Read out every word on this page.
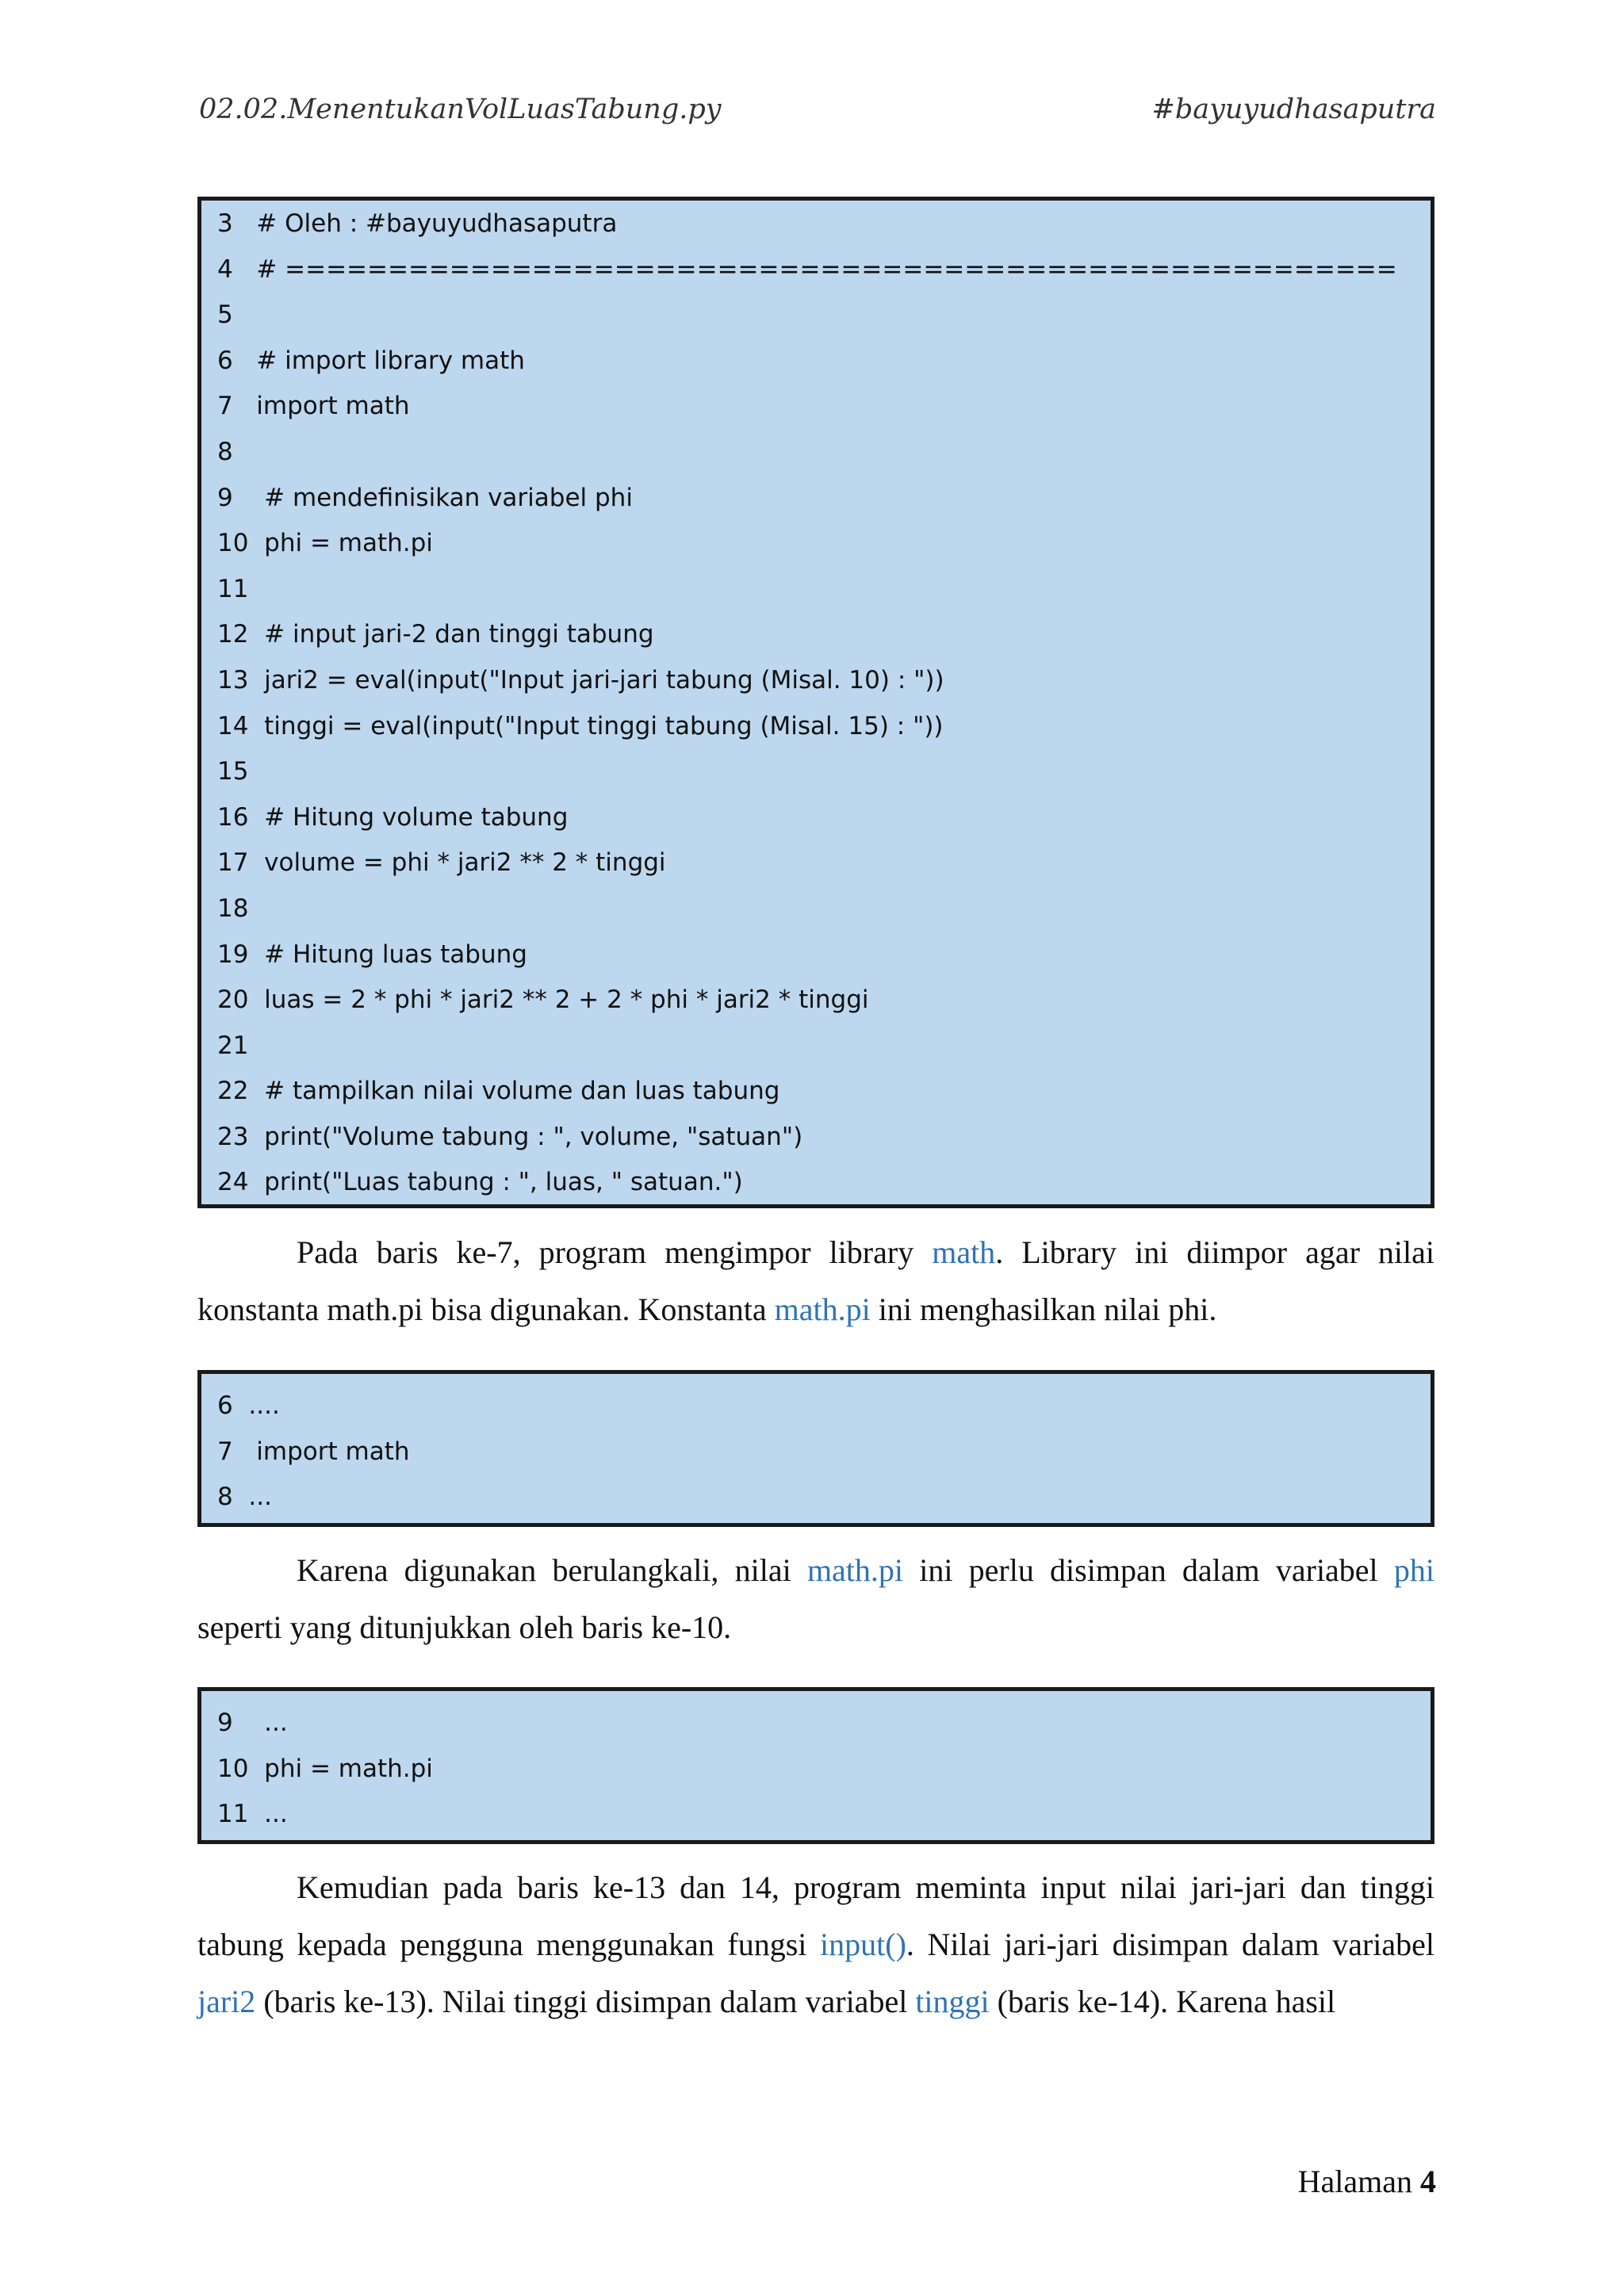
02.02.MenentukanVolLuasTabung.py	#bayuyudhasaputra
3   # Oleh : #bayuyudhasaputra
4   # ======================================================
5
6   # import library math
7   import math
8
9    # mendefinisikan variabel phi
10  phi = math.pi
11
12  # input jari-2 dan tinggi tabung
13  jari2 = eval(input("Input jari-jari tabung (Misal. 10) : "))
14  tinggi = eval(input("Input tinggi tabung (Misal. 15) : "))
15
16  # Hitung volume tabung
17  volume = phi * jari2 ** 2 * tinggi
18
19  # Hitung luas tabung
20  luas = 2 * phi * jari2 ** 2 + 2 * phi * jari2 * tinggi
21
22  # tampilkan nilai volume dan luas tabung
23  print("Volume tabung : ", volume, "satuan")
24  print("Luas tabung : ", luas, " satuan.")
Pada baris ke-7, program mengimpor library math. Library ini diimpor agar nilai konstanta math.pi bisa digunakan. Konstanta math.pi ini menghasilkan nilai phi.
6  ....
7   import math
8  ...
Karena digunakan berulangkali, nilai math.pi ini perlu disimpan dalam variabel phi seperti yang ditunjukkan oleh baris ke-10.
9    ...
10  phi = math.pi
11  ...
Kemudian pada baris ke-13 dan 14, program meminta input nilai jari-jari dan tinggi tabung kepada pengguna menggunakan fungsi input(). Nilai jari-jari disimpan dalam variabel jari2 (baris ke-13). Nilai tinggi disimpan dalam variabel tinggi (baris ke-14). Karena hasil
Halaman 4
